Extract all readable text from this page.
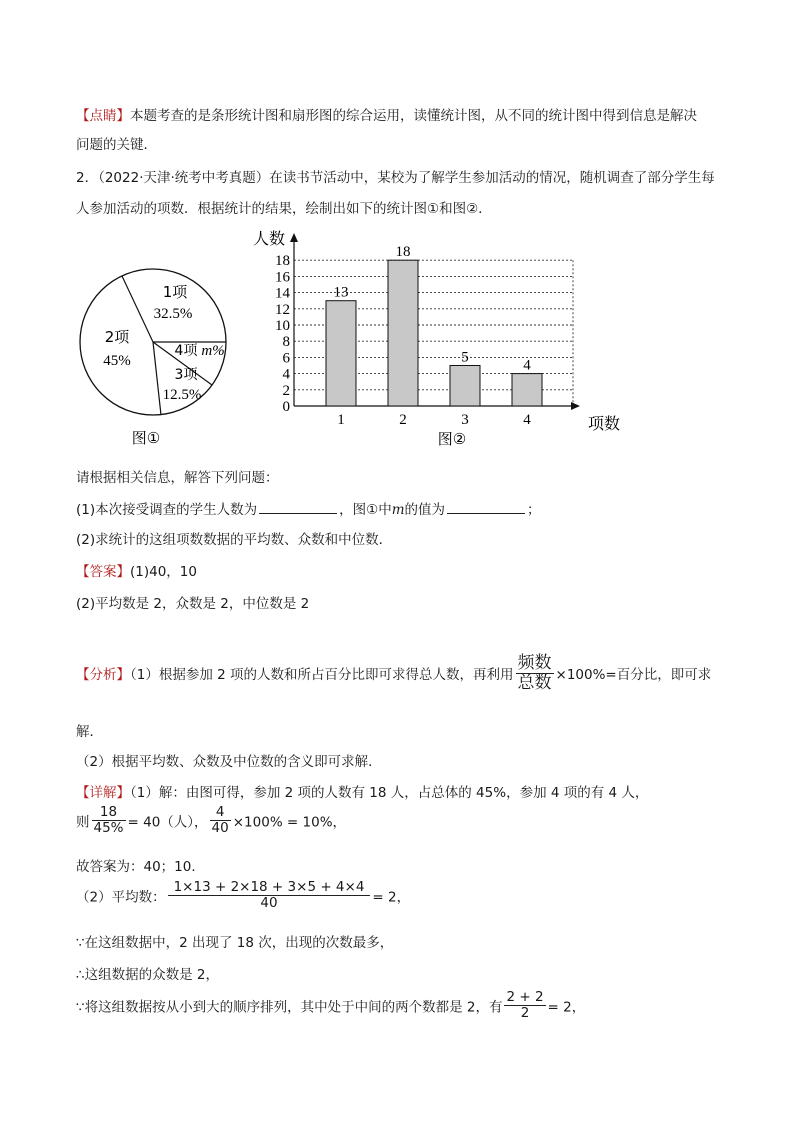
【点睛】本题考查的是条形统计图和扇形图的综合运用，读懂统计图，从不同的统计图中得到信息是解决
问题的关键．
2．（2022·天津·统考中考真题）在读书节活动中，某校为了解学生参加活动的情况，随机调查了部分学生每
人参加活动的项数．根据统计的结果，绘制出如下的统计图①和图②．
1项
32.5%
2项
45%
3项
12.5%
4项 m%
图①
0
2
4
6
8
10
12
14
16
18
13
18
5
4
1	2	3	4
人数
项数
图②
请根据相关信息，解答下列问题：
(1)本次接受调查的学生人数为	，图①中m的值为	；
(2)求统计的这组项数数据的平均数、众数和中位数．
【答案】(1)40，10
(2)平均数是 2，众数是 2，中位数是 2
【分析】（1）根据参加 2 项的人数和所占百分比即可求得总人数，再利用 $\frac{\text{频数}}{\text{总数}} \times 100\%=$百分比，即可求
解．
（2）根据平均数、众数及中位数的含义即可求解．
【详解】（1）解：由图可得，参加 2 项的人数有 18 人，占总体的 45%，参加 4 项的有 4 人，
则 $\frac{18}{45\%} = 40$（人）， $\frac{4}{40} \times 100\% = 10\%$，
故答案为：40；10．
（2）平均数： $\frac{1\times 13 + 2\times 18 + 3\times 5 + 4\times 4}{40} = 2$，
∵在这组数据中，2 出现了 18 次，出现的次数最多，
∴这组数据的众数是 2，
∵将这组数据按从小到大的顺序排列，其中处于中间的两个数都是 2，有 $\frac{2 + 2}{2} = 2$，
